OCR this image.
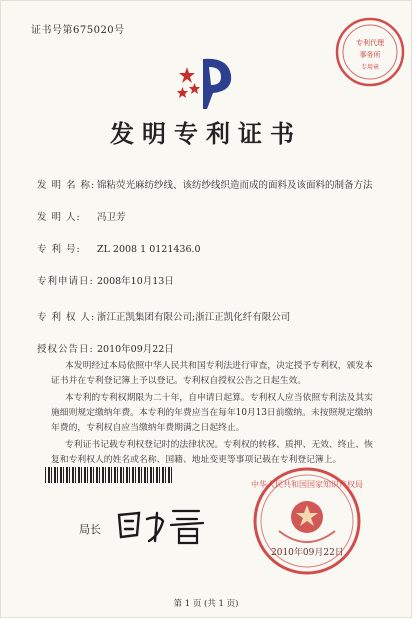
证书号第675020号
专利代理
事务所
专用章
发明专利证书
发 明 名 称: 锦粘荧光麻纺纱线、该纺纱线织造而成的面料及该面料的制备方法
发 明 人: 冯卫芳
专 利 号: ZL 2008 1 0121436.0
专利申请日: 2008年10月13日
专 利 权 人: 浙江正凯集团有限公司;浙江正凯化纤有限公司
授权公告日: 2010年09月22日

本发明经过本局依照中华人民共和国专利法进行审查，决定授予专利权，颁发本证书并在专利登记簿上予以登记。专利权自授权公告之日起生效。

本专利的专利权期限为二十年，自申请日起算。专利权人应当依照专利法及其实施细则规定缴纳年费。本专利的年费应当在每年10月13日前缴纳。未按照规定缴纳年费的，专利权自应当缴纳年费期满之日起终止。

专利证书记载专利权登记时的法律状况。专利权的转移、质押、无效、终止、恢复和专利权人的姓名或名称、国籍、地址变更等事项记载在专利登记簿上。

局长
中华人民共和国国家知识产权局
2010年09月22日
第 1 页 (共 1 页)
